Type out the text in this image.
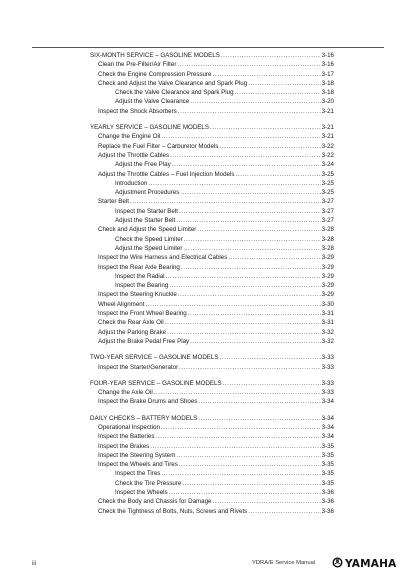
SIX-MONTH SERVICE – GASOLINE MODELS .....	3-16
Clean the Pre-Filter/Air Filter .....	3-16
Check the Engine Compression Pressure .....	3-17
Check and Adjust the Valve Clearance and Spark Plug .....	3-18
Check the Valve Clearance and Spark Plug .....	3-18
Adjust the Valve Clearance .....	3-20
Inspect the Shock Absorbers .....	3-21
YEARLY SERVICE – GASOLINE MODELS .....	3-21
Change the Engine Oil .....	3-21
Replace the Fuel Filter – Carburetor Models .....	3-22
Adjust the Throttle Cables .....	3-22
Adjust the Free Play .....	3-24
Adjust the Throttle Cables – Fuel Injection Models .....	3-25
Introduction .....	3-25
Adjustment Procedures .....	3-25
Starter Belt .....	3-27
Inspect the Starter Belt .....	3-27
Adjust the Starter Belt .....	3-27
Check and Adjust the Speed Limiter .....	3-28
Check the Speed Limiter .....	3-28
Adjust the Speed Limiter .....	3-28
Inspect the Wire Harness and Electrical Cables .....	3-29
Inspect the Rear Axle Bearing .....	3-29
Inspect the Radial .....	3-29
Inspect the Bearing .....	3-29
Inspect the Steering Knuckle .....	3-29
Wheel Alignment .....	3-30
Inspect the Front Wheel Bearing .....	3-31
Check the Rear Axle Oil .....	3-31
Adjust the Parking Brake .....	3-32
Adjust the Brake Pedal Free Play .....	3-32
TWO-YEAR SERVICE – GASOLINE MODELS .....	3-33
Inspect the Starter/Generator .....	3-33
FOUR-YEAR SERVICE – GASOLINE MODELS .....	3-33
Change the Axle Oil .....	3-33
Inspect the Brake Drums and Shoes .....	3-34
DAILY CHECKS – BATTERY MODELS .....	3-34
Operational Inspection .....	3-34
Inspect the Batteries .....	3-34
Inspect the Brakes .....	3-35
Inspect the Steering System .....	3-35
Inspect the Wheels and Tires .....	3-35
Inspect the Tires .....	3-35
Check the Tire Pressure .....	3-35
Inspect the Wheels .....	3-36
Check the Body and Chassis for Damage .....	3-36
Check the Tightness of Bolts, Nuts, Screws and Rivets .....	3-36
iii	YDRA/E Service Manual	YAMAHA
